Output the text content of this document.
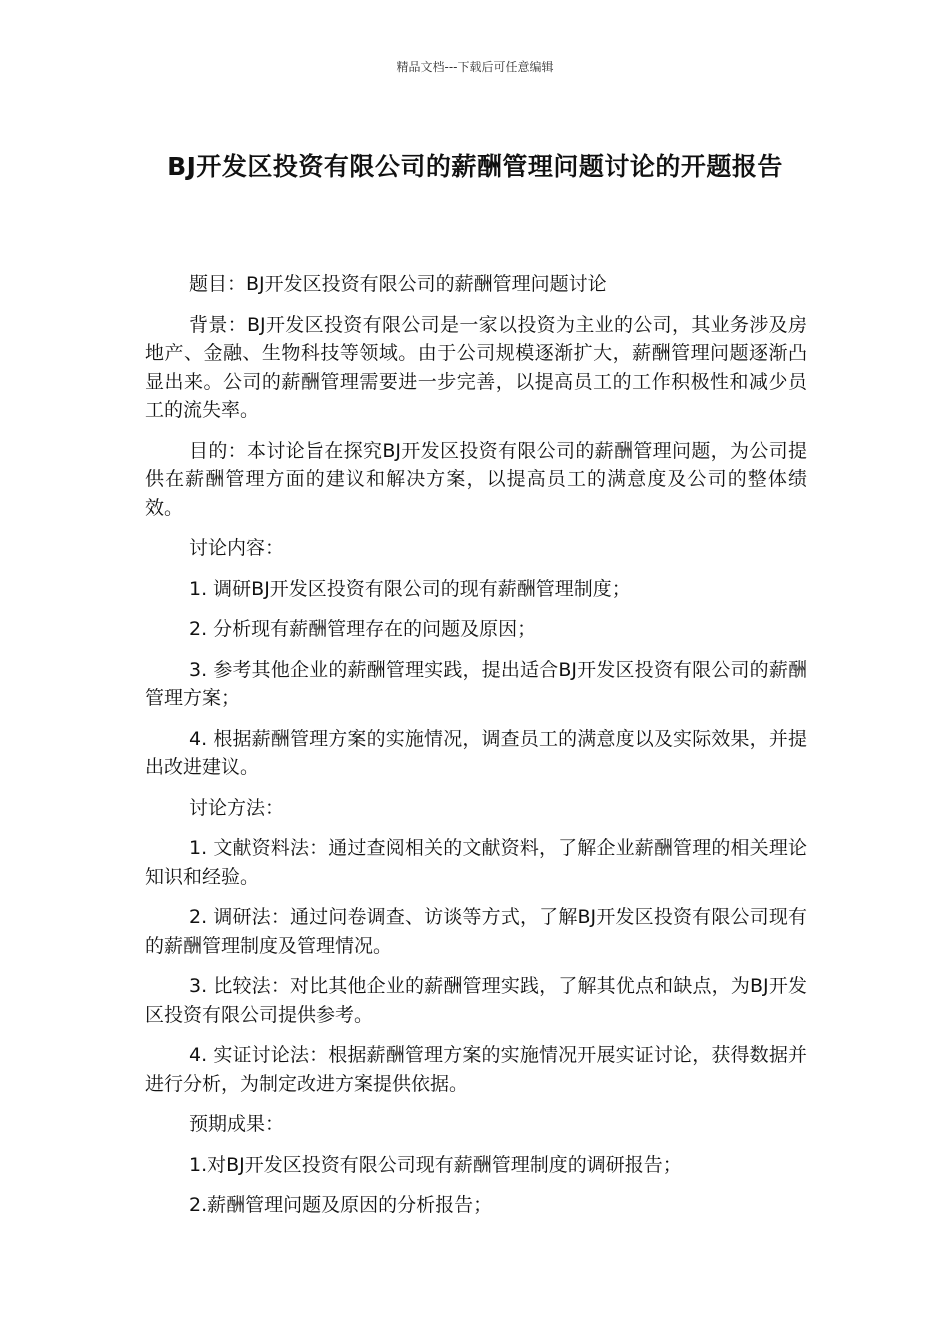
精品文档---下载后可任意编辑
BJ开发区投资有限公司的薪酬管理问题讨论的开题报告

题目：BJ开发区投资有限公司的薪酬管理问题讨论

背景：BJ开发区投资有限公司是一家以投资为主业的公司，其业务涉及房地产、金融、生物科技等领域。由于公司规模逐渐扩大，薪酬管理问题逐渐凸显出来。公司的薪酬管理需要进一步完善，以提高员工的工作积极性和减少员工的流失率。

目的：本讨论旨在探究BJ开发区投资有限公司的薪酬管理问题，为公司提供在薪酬管理方面的建议和解决方案，以提高员工的满意度及公司的整体绩效。

讨论内容：

1. 调研BJ开发区投资有限公司的现有薪酬管理制度；

2. 分析现有薪酬管理存在的问题及原因；

3. 参考其他企业的薪酬管理实践，提出适合BJ开发区投资有限公司的薪酬管理方案；

4. 根据薪酬管理方案的实施情况，调查员工的满意度以及实际效果，并提出改进建议。

讨论方法：

1. 文献资料法：通过查阅相关的文献资料，了解企业薪酬管理的相关理论知识和经验。

2. 调研法：通过问卷调查、访谈等方式，了解BJ开发区投资有限公司现有的薪酬管理制度及管理情况。

3. 比较法：对比其他企业的薪酬管理实践，了解其优点和缺点，为BJ开发区投资有限公司提供参考。

4. 实证讨论法：根据薪酬管理方案的实施情况开展实证讨论，获得数据并进行分析，为制定改进方案提供依据。

预期成果：

1.对BJ开发区投资有限公司现有薪酬管理制度的调研报告；

2.薪酬管理问题及原因的分析报告；
